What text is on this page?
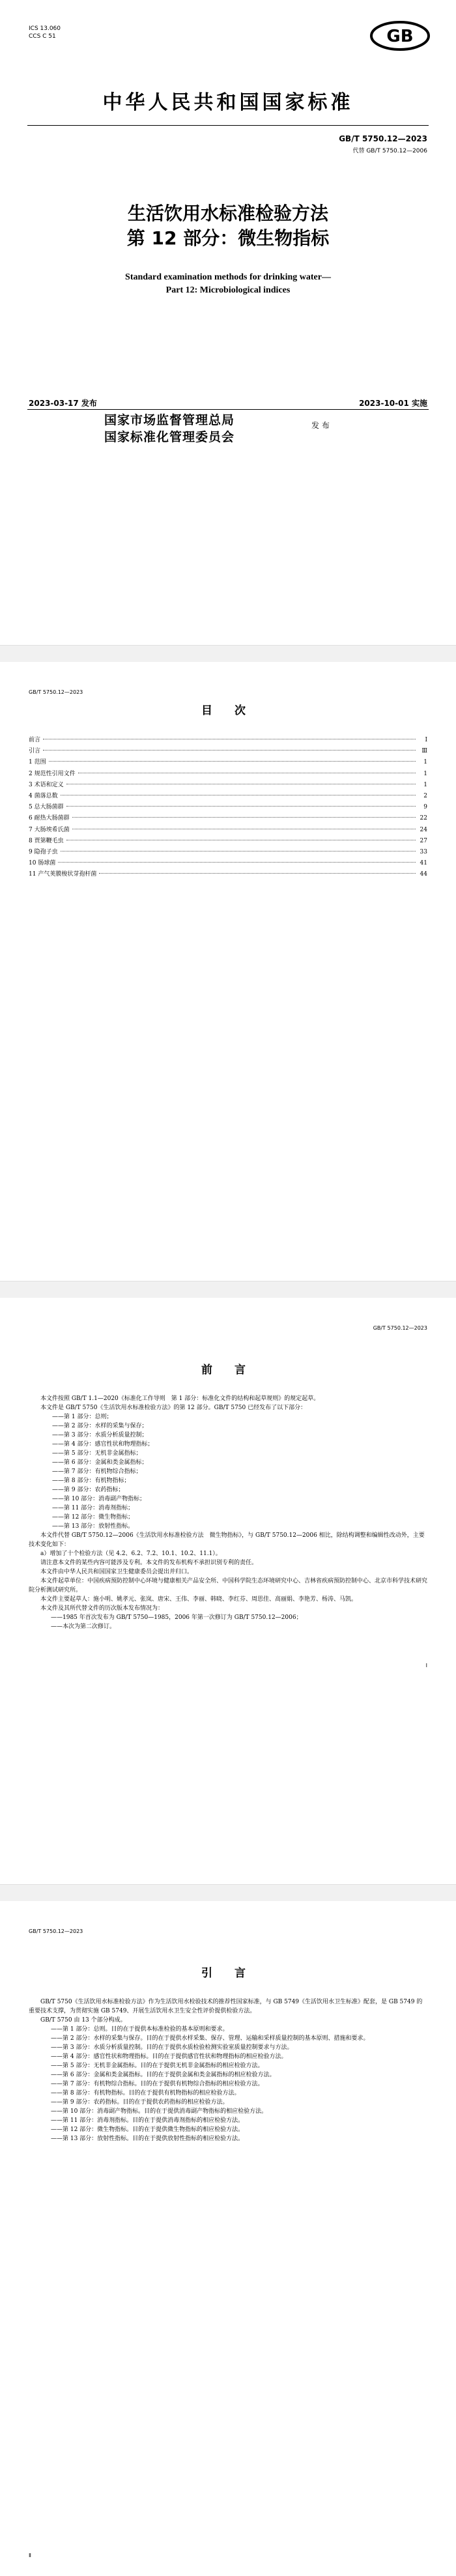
ICS 13.060
CCS C 51	GB
中华人民共和国国家标准
GB/T 5750.12—2023
代替 GB/T 5750.12—2006
生活饮用水标准检验方法
第 12 部分：微生物指标
Standard examination methods for drinking water—
Part 12: Microbiological indices
2023-03-17 发布	2023-10-01 实施
国家市场监督管理总局
国家标准化管理委员会
发 布
GB/T 5750.12—2023
目 次
前言	Ⅰ
引言	Ⅲ
1 范围	1
2 规范性引用文件	1
3 术语和定义	1
4 菌落总数	2
5 总大肠菌群	9
6 耐热大肠菌群	22
7 大肠埃希氏菌	24
8 贾第鞭毛虫	27
9 隐孢子虫	33
10 肠球菌	41
11 产气荚膜梭状芽孢杆菌	44
GB/T 5750.12—2023
前 言

本文件按照 GB/T 1.1—2020《标准化工作导则　第 1 部分：标准化文件的结构和起草规则》的规定起草。

本文件是 GB/T 5750《生活饮用水标准检验方法》的第 12 部分。GB/T 5750 已经发布了以下部分：

——第 1 部分：总则；

——第 2 部分：水样的采集与保存；

——第 3 部分：水质分析质量控制；

——第 4 部分：感官性状和物理指标；

——第 5 部分：无机非金属指标；

——第 6 部分：金属和类金属指标；

——第 7 部分：有机物综合指标；

——第 8 部分：有机物指标；

——第 9 部分：农药指标；

——第 10 部分：消毒副产物指标；

——第 11 部分：消毒剂指标；

——第 12 部分：微生物指标；

——第 13 部分：放射性指标。

本文件代替 GB/T 5750.12—2006《生活饮用水标准检验方法　微生物指标》，与 GB/T 5750.12—2006 相比，除结构调整和编辑性改动外，主要技术变化如下：

a）增加了十个检验方法（见 4.2、6.2、7.2、10.1、10.2、11.1）。

请注意本文件的某些内容可能涉及专利。本文件的发布机构不承担识别专利的责任。

本文件由中华人民共和国国家卫生健康委员会提出并归口。

本文件起草单位：中国疾病预防控制中心环境与健康相关产品安全所、中国科学院生态环境研究中心、吉林省疾病预防控制中心、北京市科学技术研究院分析测试研究所。

本文件主要起草人：施小明、姚孝元、张岚、唐宋、王伟、李丽、韩晓、李红芬、周思佳、高丽娟、李艳芳、杨涛、马凯。

本文件及其所代替文件的历次版本发布情况为：

——1985 年首次发布为 GB/T 5750—1985，2006 年第一次修订为 GB/T 5750.12—2006；

——本次为第二次修订。

Ⅰ
GB/T 5750.12—2023
引 言

GB/T 5750《生活饮用水标准检验方法》作为生活饮用水检验技术的推荐性国家标准，与 GB 5749《生活饮用水卫生标准》配套，是 GB 5749 的重要技术支撑，为贯彻实施 GB 5749、开展生活饮用水卫生安全性评价提供检验方法。

GB/T 5750 由 13 个部分构成。

——第 1 部分：总则。目的在于提供本标准检验的基本原则和要求。

——第 2 部分：水样的采集与保存。目的在于提供水样采集、保存、管理、运输和采样质量控制的基本原则、措施和要求。

——第 3 部分：水质分析质量控制。目的在于提供水质检验检测实验室质量控制要求与方法。

——第 4 部分：感官性状和物理指标。目的在于提供感官性状和物理指标的相应检验方法。

——第 5 部分：无机非金属指标。目的在于提供无机非金属指标的相应检验方法。

——第 6 部分：金属和类金属指标。目的在于提供金属和类金属指标的相应检验方法。

——第 7 部分：有机物综合指标。目的在于提供有机物综合指标的相应检验方法。

——第 8 部分：有机物指标。目的在于提供有机物指标的相应检验方法。

——第 9 部分：农药指标。目的在于提供农药指标的相应检验方法。

——第 10 部分：消毒副产物指标。目的在于提供消毒副产物指标的相应检验方法。

——第 11 部分：消毒剂指标。目的在于提供消毒剂指标的相应检验方法。

——第 12 部分：微生物指标。目的在于提供微生物指标的相应检验方法。

——第 13 部分：放射性指标。目的在于提供放射性指标的相应检验方法。

Ⅱ
